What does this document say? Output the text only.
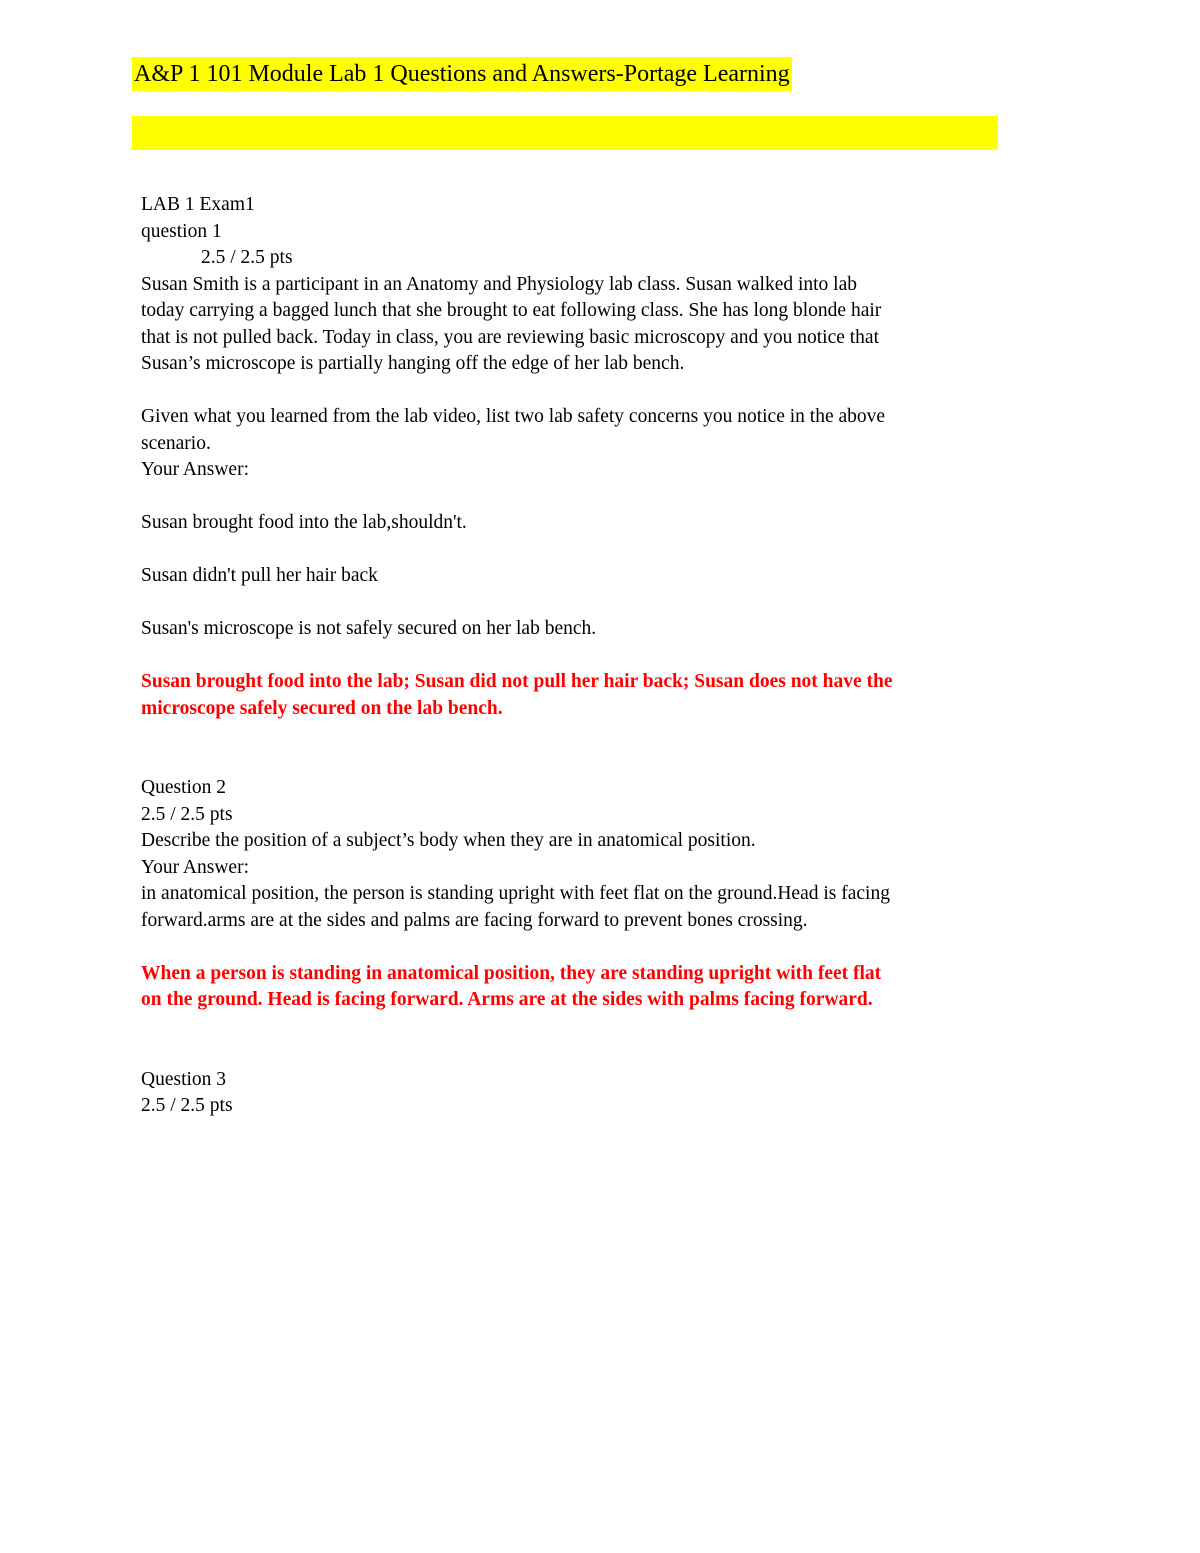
A&P 1 101 Module Lab 1 Questions and Answers-Portage Learning
LAB 1 Exam1
question 1
2.5 / 2.5 pts
Susan Smith is a participant in an Anatomy and Physiology lab class. Susan walked into lab
today carrying a bagged lunch that she brought to eat following class. She has long blonde hair
that is not pulled back. Today in class, you are reviewing basic microscopy and you notice that
Susan’s microscope is partially hanging off the edge of her lab bench.
Given what you learned from the lab video, list two lab safety concerns you notice in the above
scenario.
Your Answer:
Susan brought food into the lab,shouldn't.
Susan didn't pull her hair back
Susan's microscope is not safely secured on her lab bench.
Susan brought food into the lab; Susan did not pull her hair back; Susan does not have the
microscope safely secured on the lab bench.
Question 2
2.5 / 2.5 pts
Describe the position of a subject’s body when they are in anatomical position.
Your Answer:
in anatomical position, the person is standing upright with feet flat on the ground.Head is facing
forward.arms are at the sides and palms are facing forward to prevent bones crossing.
When a person is standing in anatomical position, they are standing upright with feet flat
on the ground. Head is facing forward. Arms are at the sides with palms facing forward.
Question 3
2.5 / 2.5 pts
